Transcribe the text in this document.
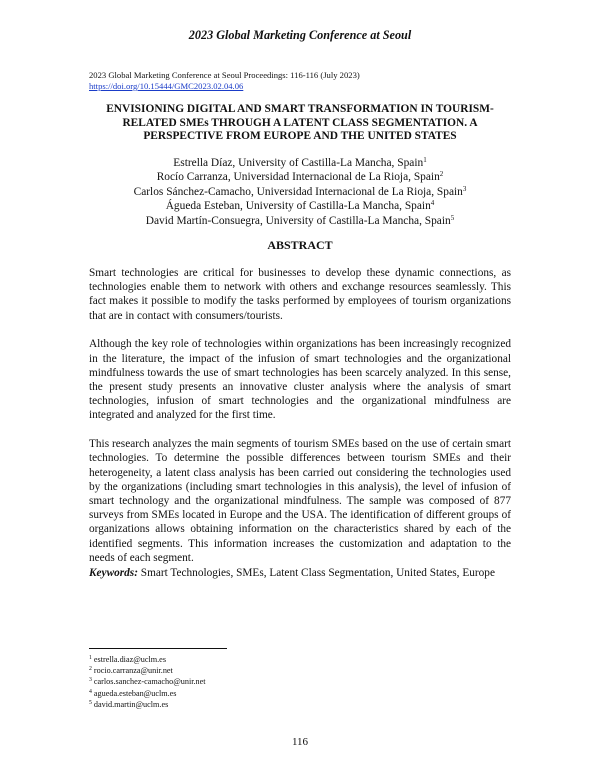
2023 Global Marketing Conference at Seoul
2023 Global Marketing Conference at Seoul Proceedings: 116-116 (July 2023)
https://doi.org/10.15444/GMC2023.02.04.06
ENVISIONING DIGITAL AND SMART TRANSFORMATION IN TOURISM-RELATED SMEs THROUGH A LATENT CLASS SEGMENTATION. A PERSPECTIVE FROM EUROPE AND THE UNITED STATES
Estrella Díaz, University of Castilla-La Mancha, Spain$^1$
Rocío Carranza, Universidad Internacional de La Rioja, Spain$^2$
Carlos Sánchez-Camacho, Universidad Internacional de La Rioja, Spain$^3$
Águeda Esteban, University of Castilla-La Mancha, Spain$^4$
David Martín-Consuegra, University of Castilla-La Mancha, Spain$^5$
ABSTRACT

Smart technologies are critical for businesses to develop these dynamic connections, as technologies enable them to network with others and exchange resources seamlessly. This fact makes it possible to modify the tasks performed by employees of tourism organizations that are in contact with consumers/tourists.

Although the key role of technologies within organizations has been increasingly recognized in the literature, the impact of the infusion of smart technologies and the organizational mindfulness towards the use of smart technologies has been scarcely analyzed. In this sense, the present study presents an innovative cluster analysis where the analysis of smart technologies, infusion of smart technologies and the organizational mindfulness are integrated and analyzed for the first time.

This research analyzes the main segments of tourism SMEs based on the use of certain smart technologies. To determine the possible differences between tourism SMEs and their heterogeneity, a latent class analysis has been carried out considering the technologies used by the organizations (including smart technologies in this analysis), the level of infusion of smart technology and the organizational mindfulness. The sample was composed of 877 surveys from SMEs located in Europe and the USA. The identification of different groups of organizations allows obtaining information on the characteristics shared by each of the identified segments. This information increases the customization and adaptation to the needs of each segment.

Keywords: Smart Technologies, SMEs, Latent Class Segmentation, United States, Europe
$^1$ estrella.diaz@uclm.es
$^2$ rocio.carranza@unir.net
$^3$ carlos.sanchez-camacho@unir.net
$^4$ agueda.esteban@uclm.es
$^5$ david.martin@uclm.es
116
